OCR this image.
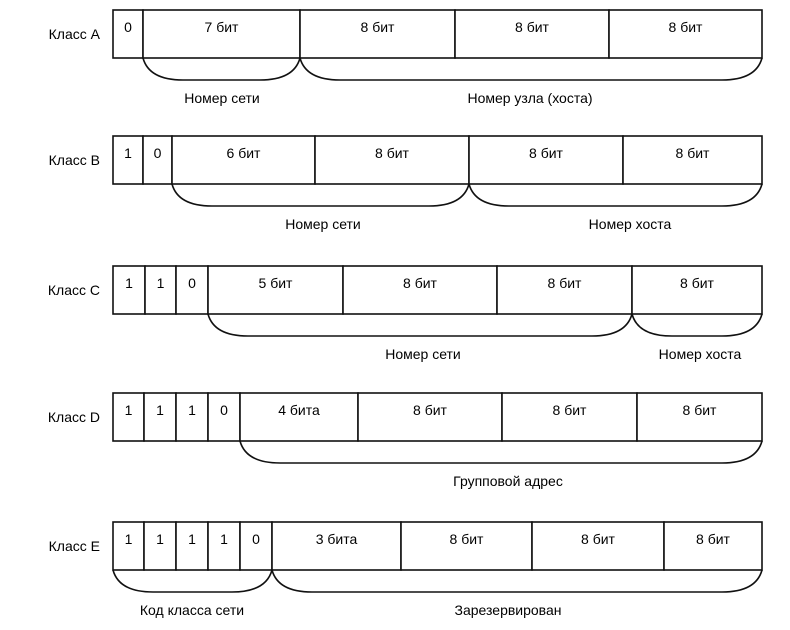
Класс A 0	7 бит	8 бит	8 бит	8 бит
Номер сети	Номер узла (хоста)
Класс B 1 0	6 бит	8 бит	8 бит	8 бит
Номер сети	Номер хоста
Класс C 1 1 0	5 бит	8 бит	8 бит	8 бит
Номер сети	Номер хоста
Класс D 1 1 1 0	4 бита	8 бит	8 бит	8 бит
Групповой адрес
Класс E 1 1 1 1 0	3 бита	8 бит	8 бит	8 бит
Код класса сети	Зарезервирован
